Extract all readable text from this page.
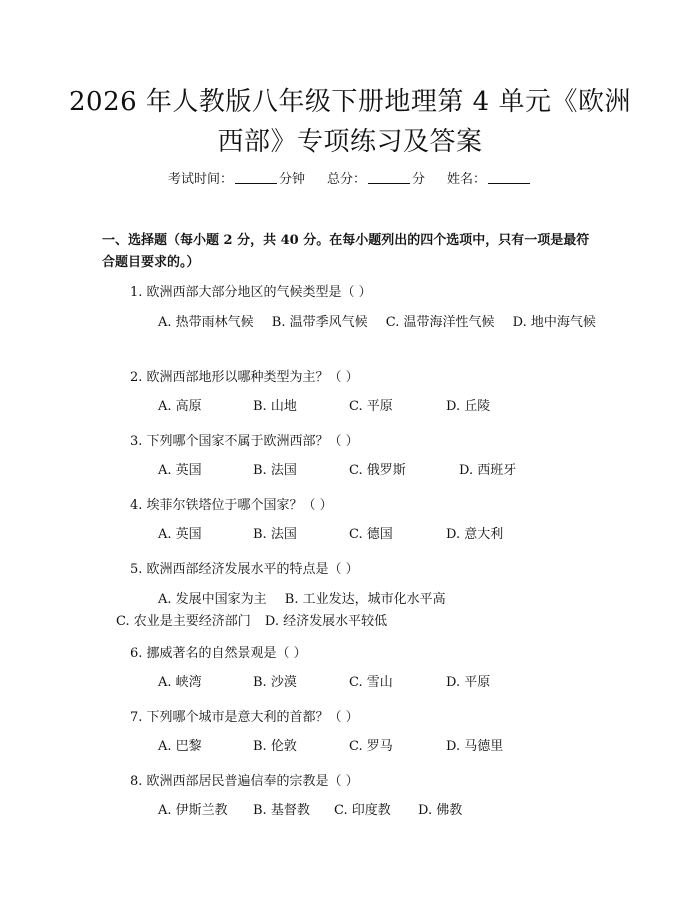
2026 年人教版八年级下册地理第 4 单元《欧洲西部》专项练习及答案
考试时间：	分钟 总分：	分 姓名：
一、选择题（每小题 2 分，共 40 分。在每小题列出的四个选项中，只有一项是最符合题目要求的。）
1. 欧洲西部大部分地区的气候类型是（ ）
A. 热带雨林气候 B. 温带季风气候 C. 温带海洋性气候 D. 地中海气候
2. 欧洲西部地形以哪种类型为主？（ ）
A. 高原	B. 山地	C. 平原	D. 丘陵
3. 下列哪个国家不属于欧洲西部？（ ）
A. 英国	B. 法国	C. 俄罗斯	D. 西班牙
4. 埃菲尔铁塔位于哪个国家？（ ）
A. 英国	B. 法国	C. 德国	D. 意大利
5. 欧洲西部经济发展水平的特点是（ ）
A. 发展中国家为主 B. 工业发达，城市化水平高 C. 农业是主要经济部门 D. 经济发展水平较低
6. 挪威著名的自然景观是（ ）
A. 峡湾	B. 沙漠	C. 雪山	D. 平原
7. 下列哪个城市是意大利的首都？（ ）
A. 巴黎	B. 伦敦	C. 罗马	D. 马德里
8. 欧洲西部居民普遍信奉的宗教是（ ）
A. 伊斯兰教 B. 基督教 C. 印度教 D. 佛教
